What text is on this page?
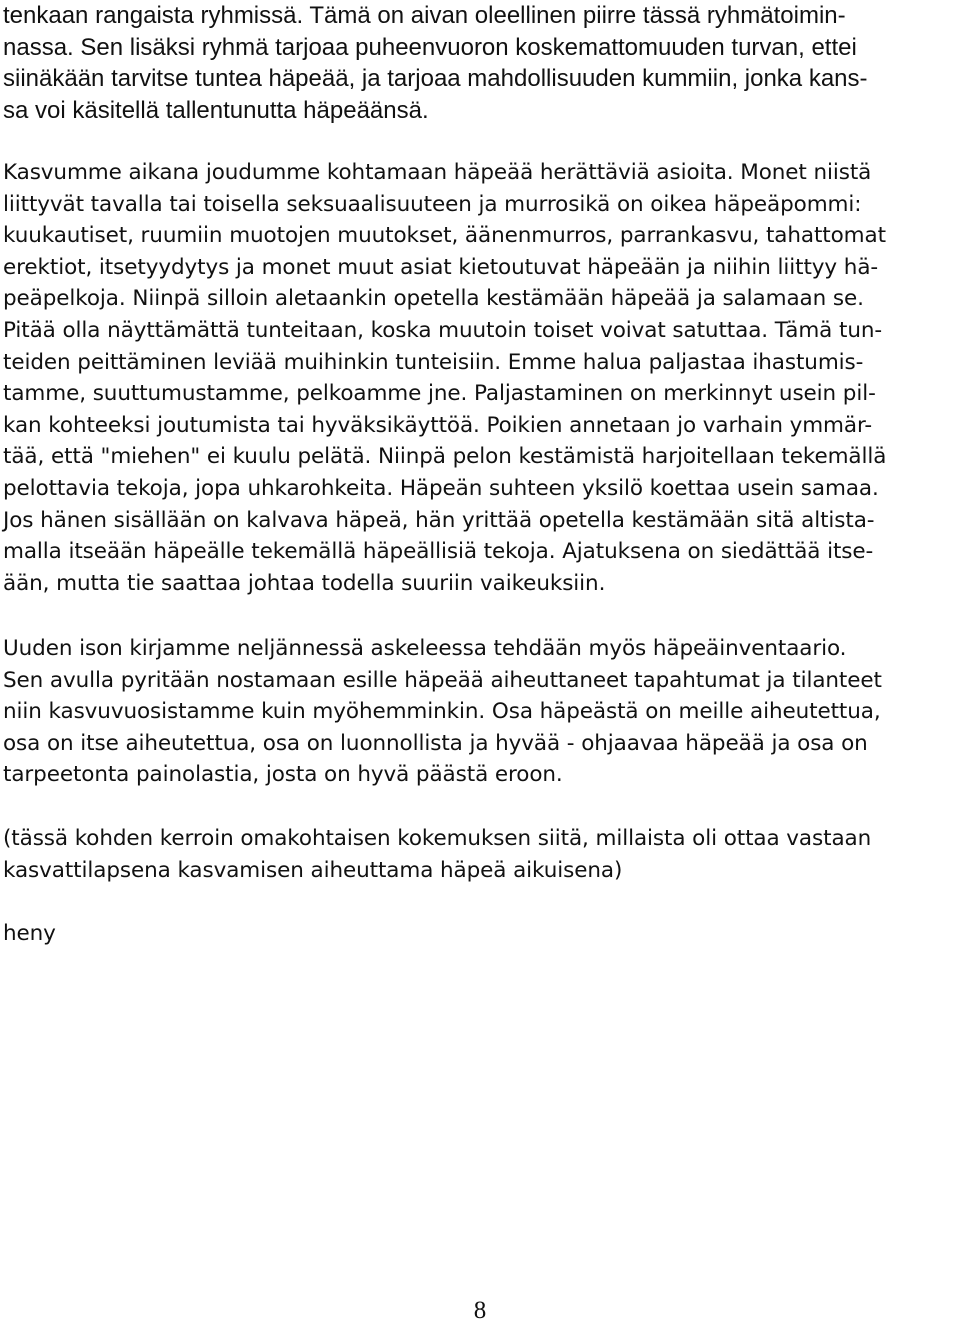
tenkaan rangaista ryhmissä. Tämä on aivan oleellinen piirre tässä ryhmätoimin-

nassa. Sen lisäksi ryhmä tarjoaa puheenvuoron koskemattomuuden turvan, ettei

siinäkään tarvitse tuntea häpeää, ja tarjoaa mahdollisuuden kummiin, jonka kans-

sa voi käsitellä tallentunutta häpeäänsä.

Kasvumme aikana joudumme kohtamaan häpeää herättäviä asioita. Monet niistä

liittyvät tavalla tai toisella seksuaalisuuteen ja murrosikä on oikea häpeäpommi:

kuukautiset, ruumiin muotojen muutokset, äänenmurros, parrankasvu, tahattomat

erektiot, itsetyydytys ja monet muut asiat kietoutuvat häpeään ja niihin liittyy hä-

peäpelkoja. Niinpä silloin aletaankin opetella kestämään häpeää ja salamaan se.

Pitää olla näyttämättä tunteitaan, koska muutoin toiset voivat satuttaa. Tämä tun-

teiden peittäminen leviää muihinkin tunteisiin. Emme halua paljastaa ihastumis-

tamme, suuttumustamme, pelkoamme jne. Paljastaminen on merkinnyt usein pil-

kan kohteeksi joutumista tai hyväksikäyttöä. Poikien annetaan jo varhain ymmär-

tää, että "miehen" ei kuulu pelätä. Niinpä pelon kestämistä harjoitellaan tekemällä

pelottavia tekoja, jopa uhkarohkeita. Häpeän suhteen yksilö koettaa usein samaa.

Jos hänen sisällään on kalvava häpeä, hän yrittää opetella kestämään sitä altista-

malla itseään häpeälle tekemällä häpeällisiä tekoja. Ajatuksena on siedättää itse-

ään, mutta tie saattaa johtaa todella suuriin vaikeuksiin.

Uuden ison kirjamme neljännessä askeleessa tehdään myös häpeäinventaario.

Sen avulla pyritään nostamaan esille häpeää aiheuttaneet tapahtumat ja tilanteet

niin kasvuvuosistamme kuin myöhemminkin. Osa häpeästä on meille aiheutettua,

osa on itse aiheutettua, osa on luonnollista ja hyvää - ohjaavaa häpeää ja osa on

tarpeetonta painolastia, josta on hyvä päästä eroon.

(tässä kohden kerroin omakohtaisen kokemuksen siitä, millaista oli ottaa vastaan

kasvattilapsena kasvamisen aiheuttama häpeä aikuisena)

heny

8
